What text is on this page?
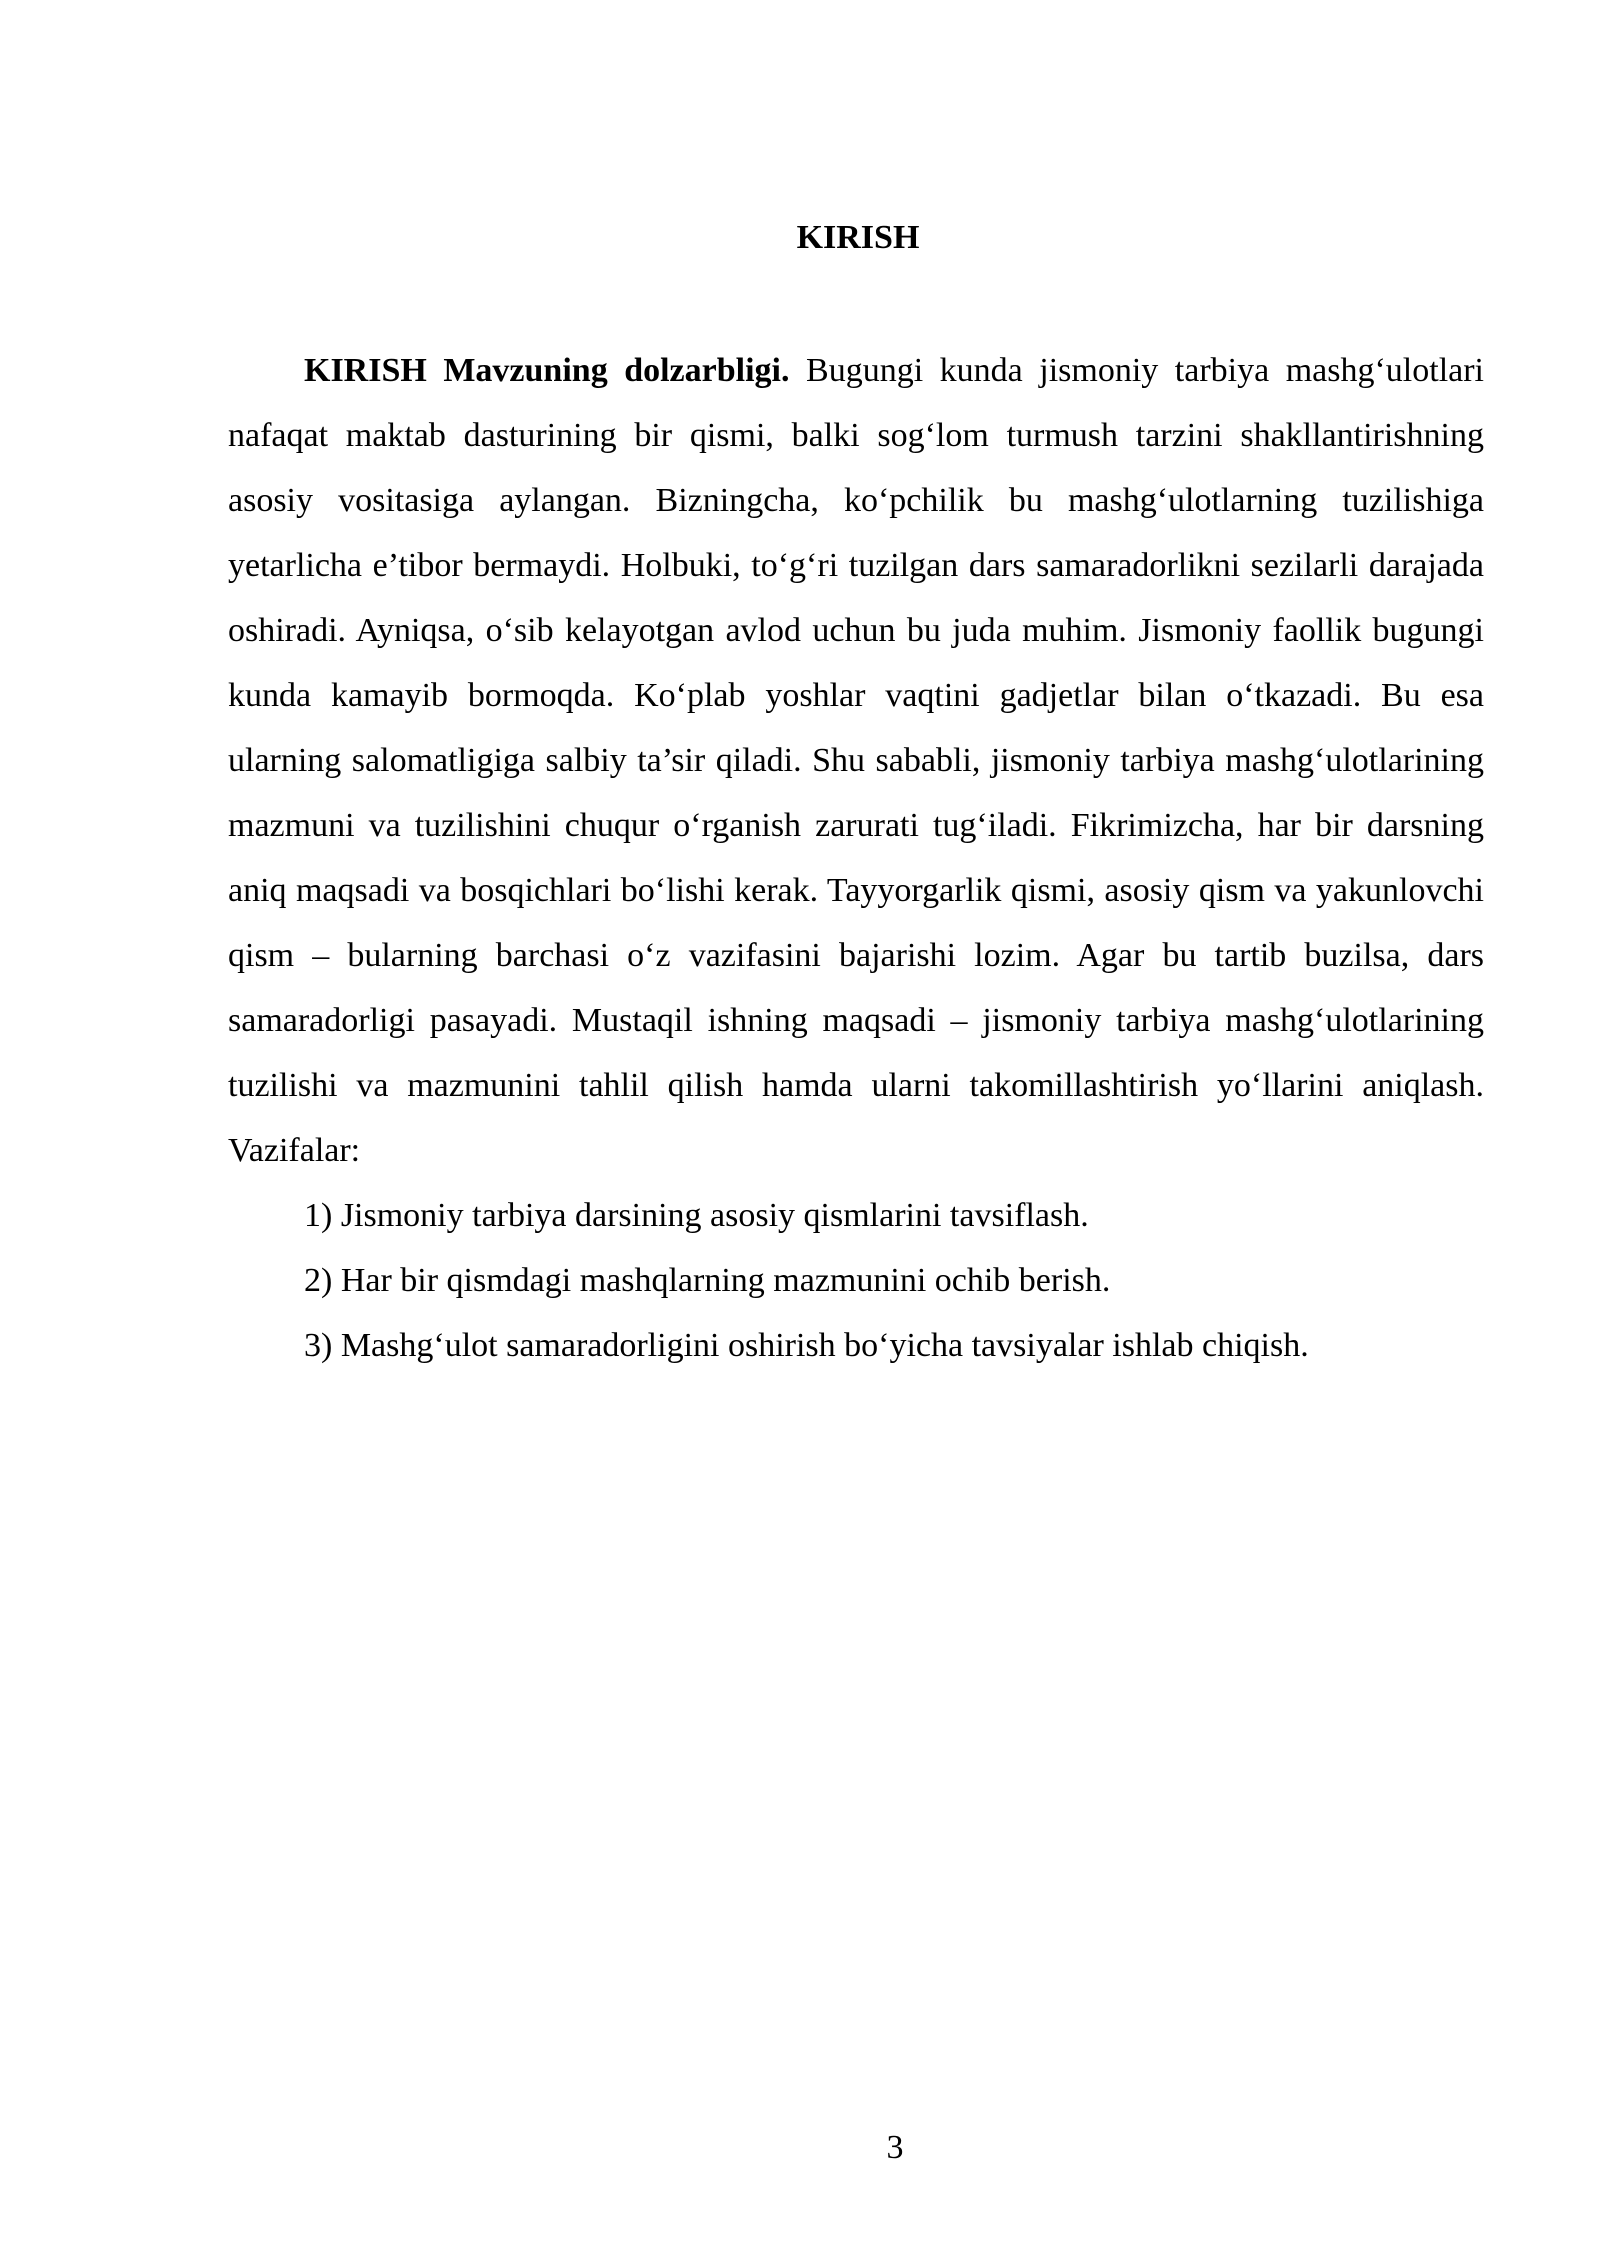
KIRISH

KIRISH Mavzuning dolzarbligi. Bugungi kunda jismoniy tarbiya mashg‘ulotlari nafaqat maktab dasturining bir qismi, balki sog‘lom turmush tarzini shakllantirishning asosiy vositasiga aylangan. Bizningcha, ko‘pchilik bu mashg‘ulotlarning tuzilishiga yetarlicha e’tibor bermaydi. Holbuki, to‘g‘ri tuzilgan dars samaradorlikni sezilarli darajada oshiradi. Ayniqsa, o‘sib kelayotgan avlod uchun bu juda muhim. Jismoniy faollik bugungi kunda kamayib bormoqda. Ko‘plab yoshlar vaqtini gadjetlar bilan o‘tkazadi. Bu esa ularning salomatligiga salbiy ta’sir qiladi. Shu sababli, jismoniy tarbiya mashg‘ulotlarining mazmuni va tuzilishini chuqur o‘rganish zarurati tug‘iladi. Fikrimizcha, har bir darsning aniq maqsadi va bosqichlari bo‘lishi kerak. Tayyorgarlik qismi, asosiy qism va yakunlovchi qism – bularning barchasi o‘z vazifasini bajarishi lozim. Agar bu tartib buzilsa, dars samaradorligi pasayadi. Mustaqil ishning maqsadi – jismoniy tarbiya mashg‘ulotlarining tuzilishi va mazmunini tahlil qilish hamda ularni takomillashtirish yo‘llarini aniqlash. Vazifalar:

1) Jismoniy tarbiya darsining asosiy qismlarini tavsiflash.

2) Har bir qismdagi mashqlarning mazmunini ochib berish.

3) Mashg‘ulot samaradorligini oshirish bo‘yicha tavsiyalar ishlab chiqish.

3
